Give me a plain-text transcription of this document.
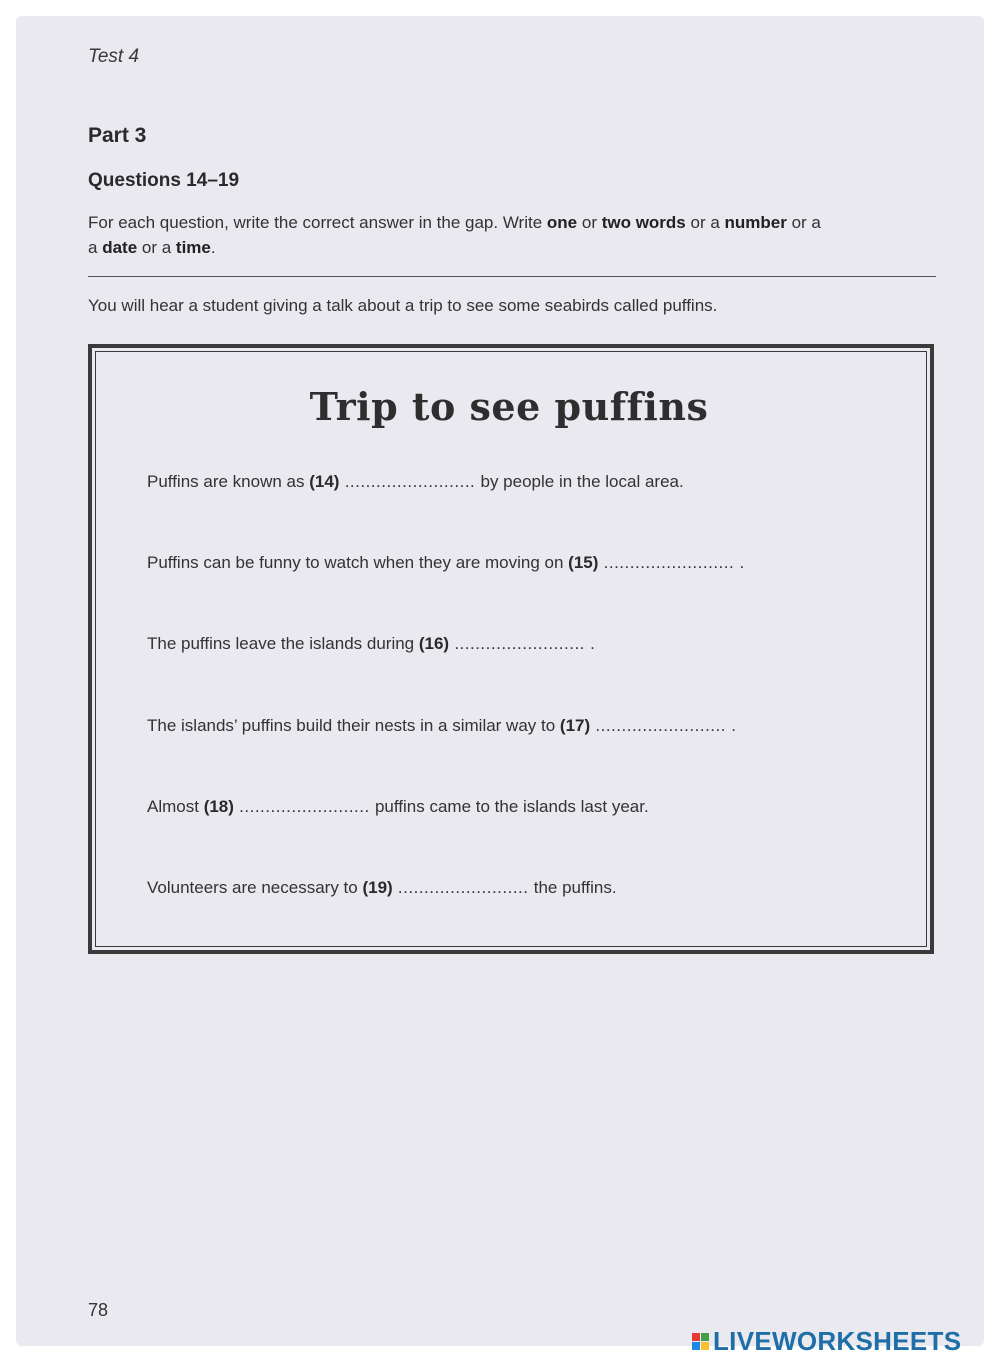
Test 4
Part 3
Questions 14–19
For each question, write the correct answer in the gap. Write one or two words or a number or a
a date or a time.
You will hear a student giving a talk about a trip to see some seabirds called puffins.
Trip to see puffins
Puffins are known as (14) ......................... by people in the local area.
Puffins can be funny to watch when they are moving on (15) ......................... .
The puffins leave the islands during (16) ......................... .
The islands’ puffins build their nests in a similar way to (17) ......................... .
Almost (18) ......................... puffins came to the islands last year.
Volunteers are necessary to (19) ......................... the puffins.
78
LIVEWORKSHEETS
